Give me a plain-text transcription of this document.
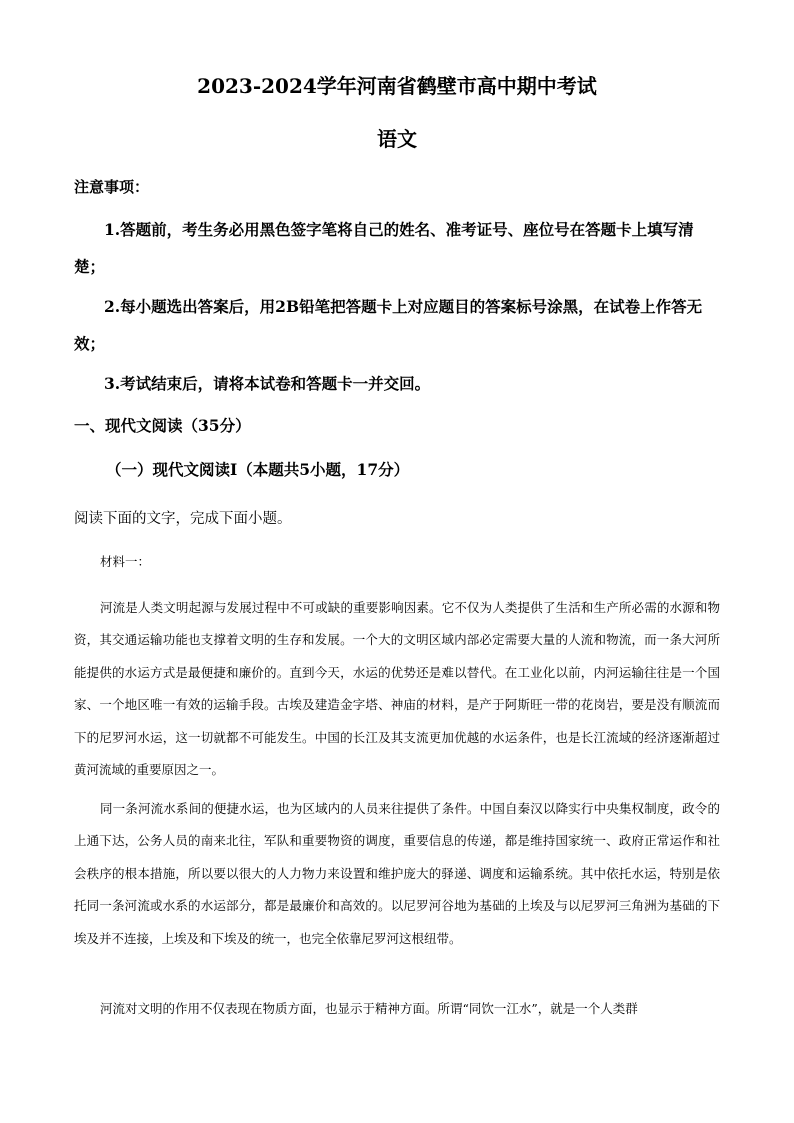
2023-2024学年河南省鹤壁市高中期中考试
语文
注意事项：
1.答题前，考生务必用黑色签字笔将自己的姓名、准考证号、座位号在答题卡上填写清楚；
2.每小题选出答案后，用2B铅笔把答题卡上对应题目的答案标号涂黑，在试卷上作答无效；
3.考试结束后，请将本试卷和答题卡一并交回。
一、现代文阅读（35分）
（一）现代文阅读Ⅰ（本题共5小题，17分）
阅读下面的文字，完成下面小题。
材料一：
河流是人类文明起源与发展过程中不可或缺的重要影响因素。它不仅为人类提供了生活和生产所必需的水源和物资，其交通运输功能也支撑着文明的生存和发展。一个大的文明区域内部必定需要大量的人流和物流，而一条大河所能提供的水运方式是最便捷和廉价的。直到今天，水运的优势还是难以替代。在工业化以前，内河运输往往是一个国家、一个地区唯一有效的运输手段。古埃及建造金字塔、神庙的材料，是产于阿斯旺一带的花岗岩，要是没有顺流而下的尼罗河水运，这一切就都不可能发生。中国的长江及其支流更加优越的水运条件，也是长江流域的经济逐渐超过黄河流域的重要原因之一。
同一条河流水系间的便捷水运，也为区域内的人员来往提供了条件。中国自秦汉以降实行中央集权制度，政令的上通下达，公务人员的南来北往，军队和重要物资的调度，重要信息的传递，都是维持国家统一、政府正常运作和社会秩序的根本措施，所以要以很大的人力物力来设置和维护庞大的驿递、调度和运输系统。其中依托水运，特别是依托同一条河流或水系的水运部分，都是最廉价和高效的。以尼罗河谷地为基础的上埃及与以尼罗河三角洲为基础的下埃及并不连接，上埃及和下埃及的统一，也完全依靠尼罗河这根纽带。
河流对文明的作用不仅表现在物质方面，也显示于精神方面。所谓“同饮一江水”，就是一个人类群
